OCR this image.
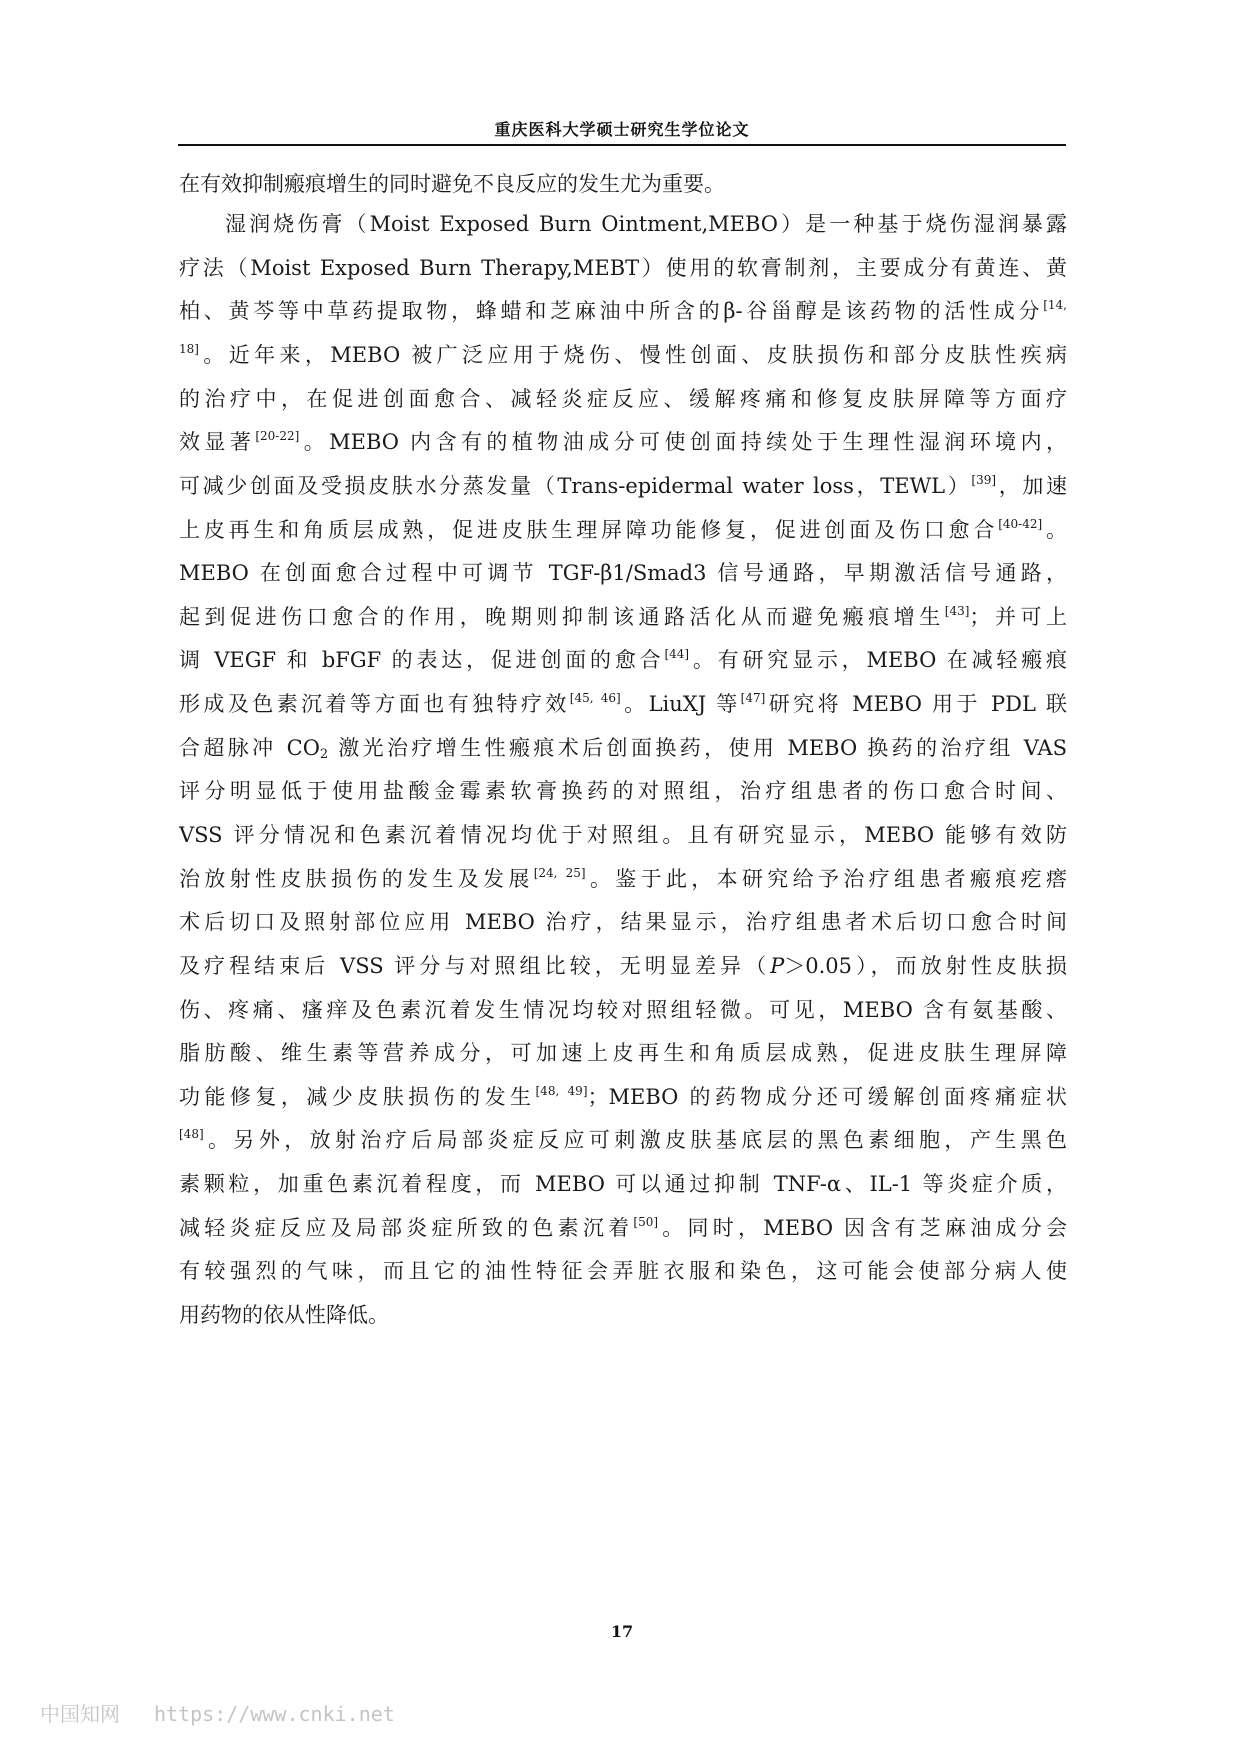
重庆医科大学硕士研究生学位论文
在有效抑制瘢痕增生的同时避免不良反应的发生尤为重要。
湿润烧伤膏（Moist Exposed Burn Ointment,MEBO）是一种基于烧伤湿润暴露
疗法（Moist Exposed Burn Therapy,MEBT）使用的软膏制剂，主要成分有黄连、黄
柏、黄芩等中草药提取物，蜂蜡和芝麻油中所含的β-谷甾醇是该药物的活性成分$^{[14,}$
$^{18]}$。近年来，MEBO 被广泛应用于烧伤、慢性创面、皮肤损伤和部分皮肤性疾病
的治疗中，在促进创面愈合、减轻炎症反应、缓解疼痛和修复皮肤屏障等方面疗
效显著[20-22]。MEBO 内含有的植物油成分可使创面持续处于生理性湿润环境内，
可减少创面及受损皮肤水分蒸发量（Trans-epidermal water loss，TEWL）[39]，加速
上皮再生和角质层成熟，促进皮肤生理屏障功能修复，促进创面及伤口愈合[40-42]。
MEBO 在创面愈合过程中可调节 TGF-β1/Smad3 信号通路，早期激活信号通路，
起到促进伤口愈合的作用，晚期则抑制该通路活化从而避免瘢痕增生[43]；并可上
调 VEGF 和 bFGF 的表达，促进创面的愈合[44]。有研究显示，MEBO 在减轻瘢痕
形成及色素沉着等方面也有独特疗效[45, 46]。LiuXJ 等[47]研究将 MEBO 用于 PDL 联
合超脉冲 $CO_2$ 激光治疗增生性瘢痕术后创面换药，使用 MEBO 换药的治疗组 VAS
评分明显低于使用盐酸金霉素软膏换药的对照组，治疗组患者的伤口愈合时间、
VSS 评分情况和色素沉着情况均优于对照组。且有研究显示，MEBO 能够有效防
治放射性皮肤损伤的发生及发展[24, 25]。鉴于此，本研究给予治疗组患者瘢痕疙瘩
术后切口及照射部位应用 MEBO 治疗，结果显示，治疗组患者术后切口愈合时间
及疗程结束后 VSS 评分与对照组比较，无明显差异（P＞0.05），而放射性皮肤损
伤、疼痛、瘙痒及色素沉着发生情况均较对照组轻微。可见，MEBO 含有氨基酸、
脂肪酸、维生素等营养成分，可加速上皮再生和角质层成熟，促进皮肤生理屏障
功能修复，减少皮肤损伤的发生[48, 49]；MEBO 的药物成分还可缓解创面疼痛症状
[48]。另外，放射治疗后局部炎症反应可刺激皮肤基底层的黑色素细胞，产生黑色
素颗粒，加重色素沉着程度，而 MEBO 可以通过抑制 TNF-α、IL-1 等炎症介质，
减轻炎症反应及局部炎症所致的色素沉着[50]。同时，MEBO 因含有芝麻油成分会
有较强烈的气味，而且它的油性特征会弄脏衣服和染色，这可能会使部分病人使
用药物的依从性降低。
17
中国知网 https://www.cnki.net
